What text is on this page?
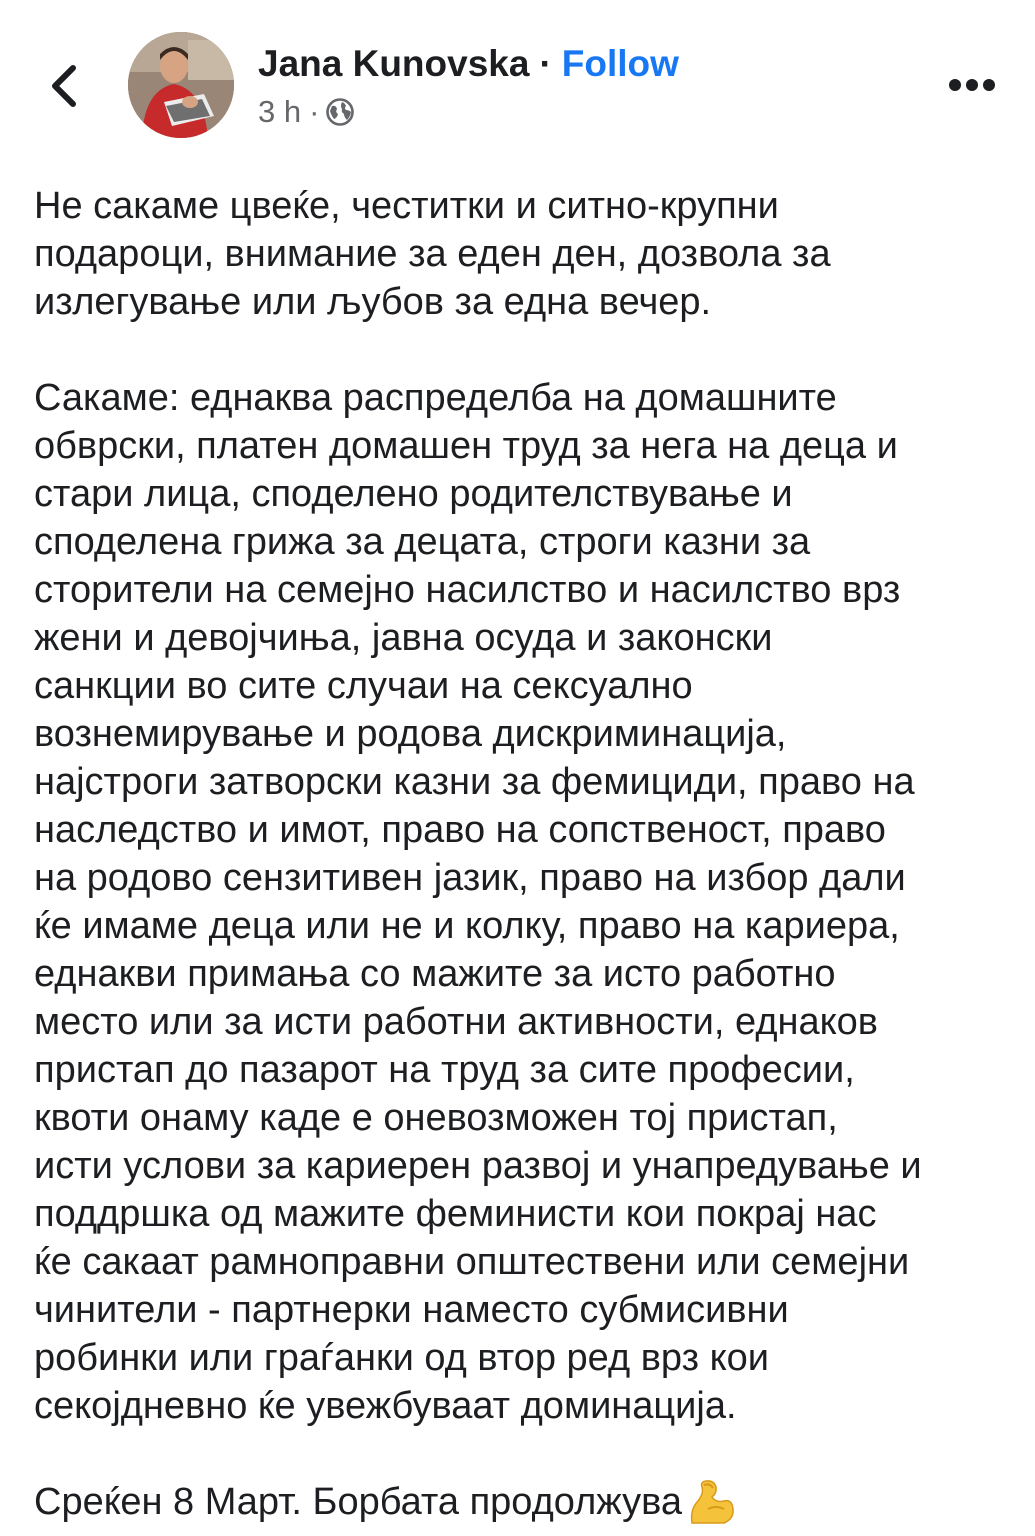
Jana Kunovska · Follow
3 h ·
Не сакаме цвеќе, честитки и ситно-крупни
подароци, внимание за еден ден, дозвола за
излегување или љубов за една вечер.
Сакаме: еднаква распределба на домашните
обврски, платен домашен труд за нега на деца и
стари лица, споделено родителствување и
споделена грижа за децата, строги казни за
сторители на семејно насилство и насилство врз
жени и девојчиња, јавна осуда и законски
санкции во сите случаи на сексуално
вознемирување и родова дискриминација,
најстроги затворски казни за фемициди, право на
наследство и имот, право на сопственост, право
на родово сензитивен јазик, право на избор дали
ќе имаме деца или не и колку, право на кариера,
еднакви примања со мажите за исто работно
место или за исти работни активности, еднаков
пристап до пазарот на труд за сите професии,
квоти онаму каде е оневозможен тој пристап,
исти услови за кариерен развој и унапредување и
поддршка од мажите феминисти кои покрај нас
ќе сакаат рамноправни општествени или семејни
чинители - партнерки наместо субмисивни
робинки или граѓанки од втор ред врз кои
секојдневно ќе увежбуваат доминација.
Среќен 8 Март. Борбата продолжува
